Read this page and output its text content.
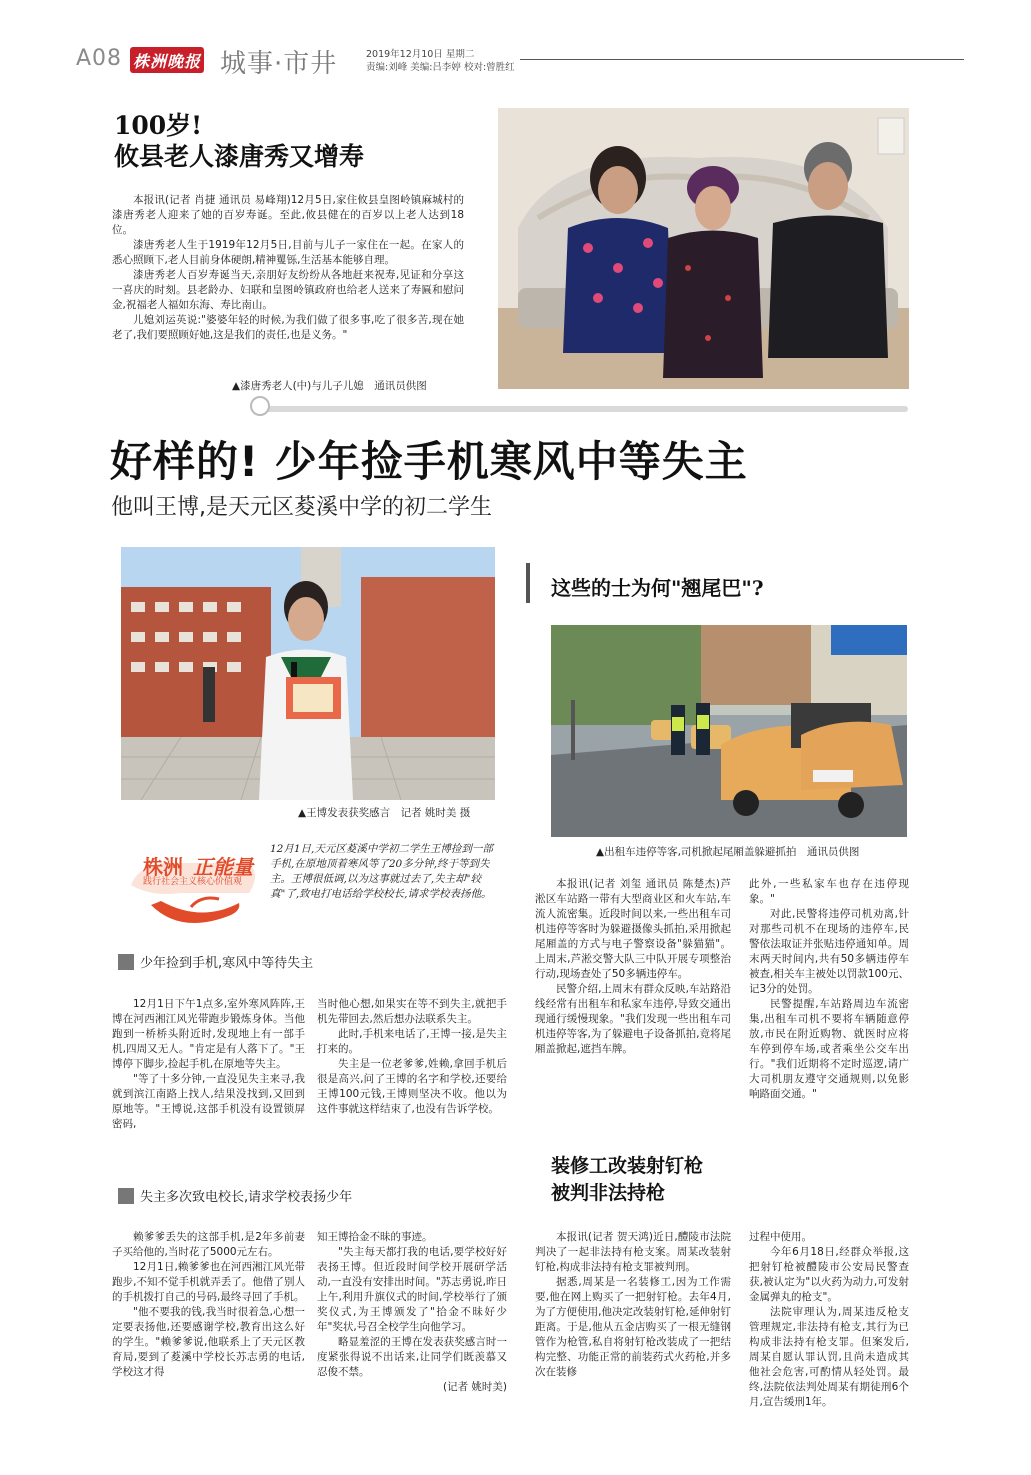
A08 株洲晚报 城事·市井	2019年12月10日 星期二
责编:刘峰 美编:吕李婷 校对:曾胜红
100岁!
攸县老人漆唐秀又增寿

本报讯(记者 肖捷 通讯员 易峰翔)12月5日,家住攸县皇图岭镇麻城村的漆唐秀老人迎来了她的百岁寿诞。至此,攸县健在的百岁以上老人达到18位。

漆唐秀老人生于1919年12月5日,目前与儿子一家住在一起。在家人的悉心照顾下,老人目前身体硬朗,精神矍铄,生活基本能够自理。

漆唐秀老人百岁寿诞当天,亲朋好友纷纷从各地赶来祝寿,见证和分享这一喜庆的时刻。县老龄办、妇联和皇图岭镇政府也给老人送来了寿匾和慰问金,祝福老人福如东海、寿比南山。

儿媳刘运英说:"婆婆年轻的时候,为我们做了很多事,吃了很多苦,现在她老了,我们要照顾好她,这是我们的责任,也是义务。"

▲漆唐秀老人(中)与儿子儿媳　通讯员供图
好样的! 少年捡手机寒风中等失主
他叫王博,是天元区荾溪中学的初二学生
▲王博发表获奖感言　记者 姚时美 摄
株洲 正能量
践行社会主义核心价值观
12月1日,天元区荾溪中学初二学生王博捡到一部手机,在原地顶着寒风等了20多分钟,终于等到失主。王博很低调,以为这事就过去了,失主却"较真"了,致电打电话给学校校长,请求学校表扬他。
少年捡到手机,寒风中等待失主

12月1日下午1点多,室外寒风阵阵,王博在河西湘江风光带跑步锻炼身体。当他跑到一桥桥头附近时,发现地上有一部手机,四周又无人。"肯定是有人落下了。"王博停下脚步,捡起手机,在原地等失主。

"等了十多分钟,一直没见失主来寻,我就到滨江南路上找人,结果没找到,又回到原地等。"王博说,这部手机没有设置锁屏密码,

当时他心想,如果实在等不到失主,就把手机先带回去,然后想办法联系失主。

此时,手机来电话了,王博一接,是失主打来的。

失主是一位老爹爹,姓赖,拿回手机后很是高兴,问了王博的名字和学校,还要给王博100元钱,王博则坚决不收。他以为这件事就这样结束了,也没有告诉学校。

失主多次致电校长,请求学校表扬少年

赖爹爹丢失的这部手机,是2年多前妻子买给他的,当时花了5000元左右。

12月1日,赖爹爹也在河西湘江风光带跑步,不知不觉手机就弄丢了。他借了别人的手机拨打自己的号码,最终寻回了手机。

"他不要我的钱,我当时很着急,心想一定要表扬他,还要感谢学校,教育出这么好的学生。"赖爹爹说,他联系上了天元区教育局,要到了荾溪中学校长苏志勇的电话,学校这才得

知王博拾金不昧的事迹。

"失主每天都打我的电话,要学校好好表扬王博。但近段时间学校开展研学活动,一直没有安排出时间。"苏志勇说,昨日上午,利用升旗仪式的时间,学校举行了颁奖仪式,为王博颁发了"拾金不昧好少年"奖状,号召全校学生向他学习。

略显羞涩的王博在发表获奖感言时一度紧张得说不出话来,让同学们既羡慕又忍俊不禁。

(记者 姚时美)

这些的士为何"翘尾巴"?
▲出租车违停等客,司机掀起尾厢盖躲避抓拍　通讯员供图

本报讯(记者 刘玺 通讯员 陈楚杰)芦淞区车站路一带有大型商业区和火车站,车流人流密集。近段时间以来,一些出租车司机违停等客时为躲避摄像头抓拍,采用掀起尾厢盖的方式与电子警察设备"躲猫猫"。上周末,芦淞交警大队三中队开展专项整治行动,现场查处了50多辆违停车。

民警介绍,上周末有群众反映,车站路沿线经常有出租车和私家车违停,导致交通出现通行缓慢现象。"我们发现一些出租车司机违停等客,为了躲避电子设备抓拍,竟将尾厢盖掀起,遮挡车牌。

此外,一些私家车也存在违停现象。"

对此,民警将违停司机劝离,针对那些司机不在现场的违停车,民警依法取证并张贴违停通知单。周末两天时间内,共有50多辆违停车被查,相关车主被处以罚款100元、记3分的处罚。

民警提醒,车站路周边车流密集,出租车司机不要将车辆随意停放,市民在附近购物、就医时应将车停到停车场,或者乘坐公交车出行。"我们近期将不定时巡逻,请广大司机朋友遵守交通规则,以免影响路面交通。"

装修工改装射钉枪
被判非法持枪

本报讯(记者 贺天鸿)近日,醴陵市法院判决了一起非法持有枪支案。周某改装射钉枪,构成非法持有枪支罪被判刑。

据悉,周某是一名装修工,因为工作需要,他在网上购买了一把射钉枪。去年4月,为了方便使用,他决定改装射钉枪,延伸射钉距离。于是,他从五金店购买了一根无缝钢管作为枪管,私自将射钉枪改装成了一把结构完整、功能正常的前装药式火药枪,并多次在装修

过程中使用。

今年6月18日,经群众举报,这把射钉枪被醴陵市公安局民警查获,被认定为"以火药为动力,可发射金属弹丸的枪支"。

法院审理认为,周某违反枪支管理规定,非法持有枪支,其行为已构成非法持有枪支罪。但案发后,周某自愿认罪认罚,且尚未造成其他社会危害,可酌情从轻处罚。最终,法院依法判处周某有期徒刑6个月,宣告缓刑1年。
